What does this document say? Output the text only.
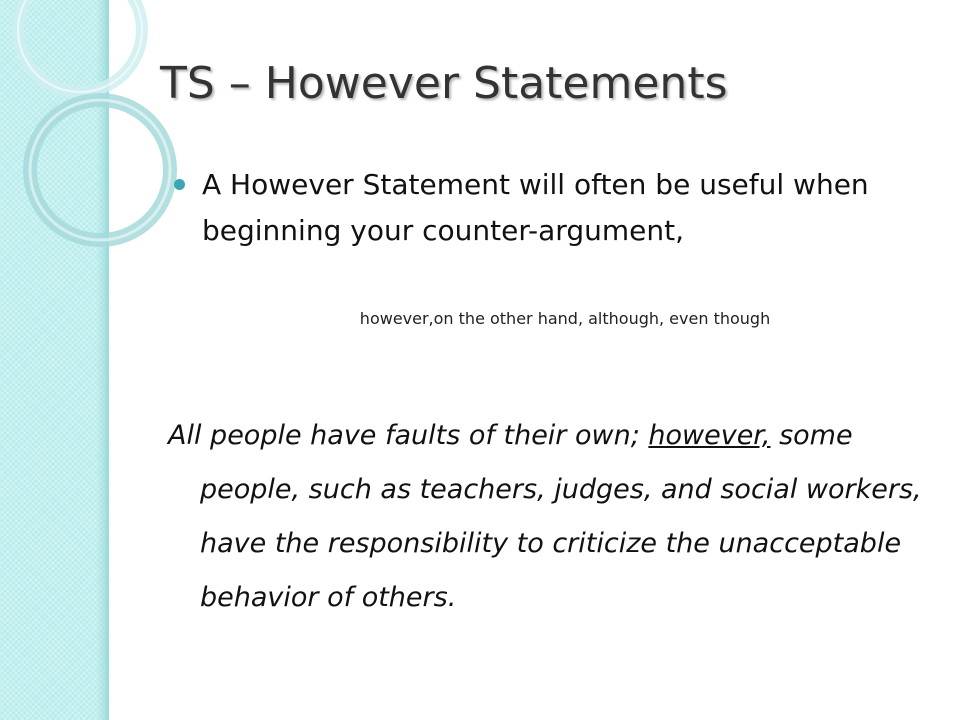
TS – However Statements

A However Statement will often be useful when beginning your counter-argument,

however,on the other hand, although, even though

All people have faults of their own; however, some people, such as teachers, judges, and social workers, have the responsibility to criticize the unacceptable behavior of others.
